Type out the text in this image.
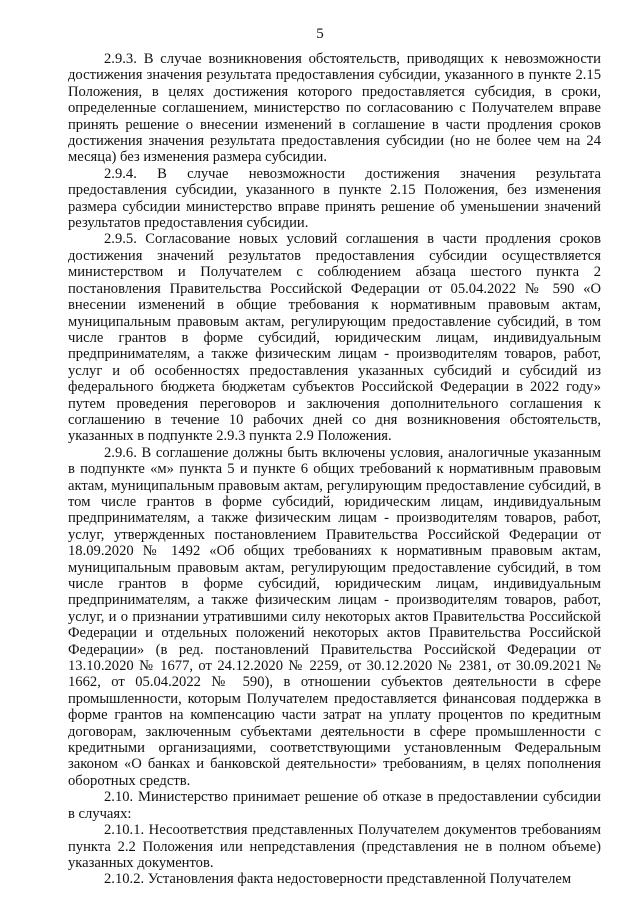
5

2.9.3. В случае возникновения обстоятельств, приводящих к невозможности достижения значения результата предоставления субсидии, указанного в пункте 2.15 Положения, в целях достижения которого предоставляется субсидия, в сроки, определенные соглашением, министерство по согласованию с Получателем вправе принять решение о внесении изменений в соглашение в части продления сроков достижения значения результата предоставления субсидии (но не более чем на 24 месяца) без изменения размера субсидии.

2.9.4. В случае невозможности достижения значения результата предоставления субсидии, указанного в пункте 2.15 Положения, без изменения размера субсидии министерство вправе принять решение об уменьшении значений результатов предоставления субсидии.

2.9.5. Согласование новых условий соглашения в части продления сроков достижения значений результатов предоставления субсидии осуществляется министерством и Получателем с соблюдением абзаца шестого пункта 2 постановления Правительства Российской Федерации от 05.04.2022 № 590 «О внесении изменений в общие требования к нормативным правовым актам, муниципальным правовым актам, регулирующим предоставление субсидий, в том числе грантов в форме субсидий, юридическим лицам, индивидуальным предпринимателям, а также физическим лицам - производителям товаров, работ, услуг и об особенностях предоставления указанных субсидий и субсидий из федерального бюджета бюджетам субъектов Российской Федерации в 2022 году» путем проведения переговоров и заключения дополнительного соглашения к соглашению в течение 10 рабочих дней со дня возникновения обстоятельств, указанных в подпункте 2.9.3 пункта 2.9 Положения.

2.9.6. В соглашение должны быть включены условия, аналогичные указанным в подпункте «м» пункта 5 и пункте 6 общих требований к нормативным правовым актам, муниципальным правовым актам, регулирующим предоставление субсидий, в том числе грантов в форме субсидий, юридическим лицам, индивидуальным предпринимателям, а также физическим лицам - производителям товаров, работ, услуг, утвержденных постановлением Правительства Российской Федерации от 18.09.2020 № 1492 «Об общих требованиях к нормативным правовым актам, муниципальным правовым актам, регулирующим предоставление субсидий, в том числе грантов в форме субсидий, юридическим лицам, индивидуальным предпринимателям, а также физическим лицам - производителям товаров, работ, услуг, и о признании утратившими силу некоторых актов Правительства Российской Федерации и отдельных положений некоторых актов Правительства Российской Федерации» (в ред. постановлений Правительства Российской Федерации от 13.10.2020 № 1677, от 24.12.2020 № 2259, от 30.12.2020 № 2381, от 30.09.2021 № 1662, от 05.04.2022 № 590), в отношении субъектов деятельности в сфере промышленности, которым Получателем предоставляется финансовая поддержка в форме грантов на компенсацию части затрат на уплату процентов по кредитным договорам, заключенным субъектами деятельности в сфере промышленности с кредитными организациями, соответствующими установленным Федеральным законом «О банках и банковской деятельности» требованиям, в целях пополнения оборотных средств.

2.10. Министерство принимает решение об отказе в предоставлении субсидии в случаях:

2.10.1. Несоответствия представленных Получателем документов требованиям пункта 2.2 Положения или непредставления (представления не в полном объеме) указанных документов.

2.10.2. Установления факта недостоверности представленной Получателем
